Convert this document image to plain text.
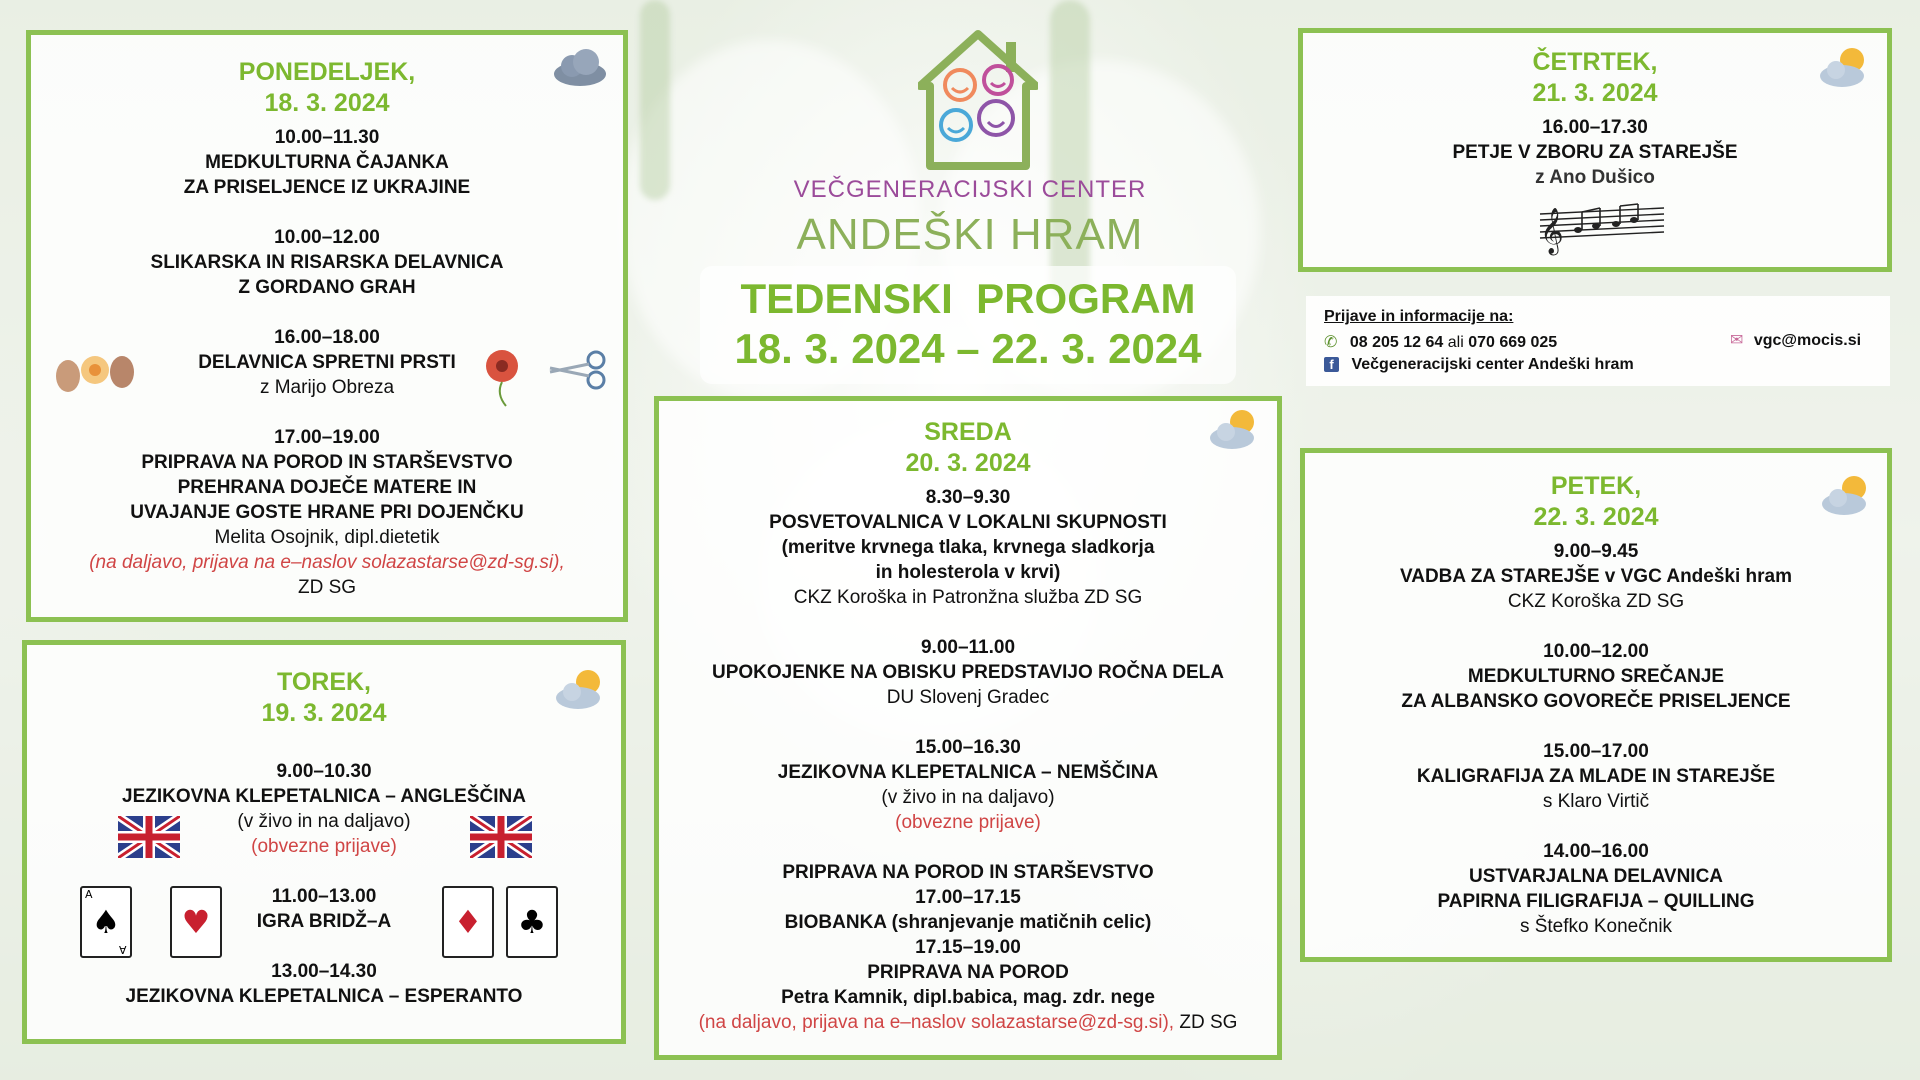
VEČGENERACIJSKI CENTER
ANDEŠKI HRAM
TEDENSKI  PROGRAM
18. 3. 2024 – 22. 3. 2024
Prijave in informacije na:
✆ 08 205 12 64 ali 070 669 025
f Večgeneracijski center Andeški hram
✉ vgc@mocis.si
PONEDELJEK,
18. 3. 2024
10.00–11.30
MEDKULTURNA ČAJANKA
ZA PRISELJENCE IZ UKRAJINE
10.00–12.00
SLIKARSKA IN RISARSKA DELAVNICA
Z GORDANO GRAH
16.00–18.00
DELAVNICA SPRETNI PRSTI
z Marijo Obreza
17.00–19.00
PRIPRAVA NA POROD IN STARŠEVSTVO
PREHRANA DOJEČE MATERE IN
UVAJANJE GOSTE HRANE PRI DOJENČKU
Melita Osojnik, dipl.dietetik
(na daljavo, prijava na e–naslov solazastarse@zd-sg.si),
ZD SG
TOREK,
19. 3. 2024
9.00–10.30
JEZIKOVNA KLEPETALNICA – ANGLEŠČINA
(v živo in na daljavo)
(obvezne prijave)
11.00–13.00
IGRA BRIDŽ–A
13.00–14.30
JEZIKOVNA KLEPETALNICA – ESPERANTO
A
♠
A
♥	♦	♣
SREDA
20. 3. 2024
8.30–9.30
POSVETOVALNICA V LOKALNI SKUPNOSTI
(meritve krvnega tlaka, krvnega sladkorja
in holesterola v krvi)
CKZ Koroška in Patronžna služba ZD SG
9.00–11.00
UPOKOJENKE NA OBISKU PREDSTAVIJO ROČNA DELA
DU Slovenj Gradec
15.00–16.30
JEZIKOVNA KLEPETALNICA – NEMŠČINA
(v živo in na daljavo)
(obvezne prijave)
PRIPRAVA NA POROD IN STARŠEVSTVO
17.00–17.15
BIOBANKA (shranjevanje matičnih celic)
17.15–19.00
PRIPRAVA NA POROD
Petra Kamnik, dipl.babica, mag. zdr. nege
(na daljavo, prijava na e–naslov solazastarse@zd-sg.si), ZD SG
ČETRTEK,
21. 3. 2024
16.00–17.30
PETJE V ZBORU ZA STAREJŠE
z Ano Dušico
𝄞
PETEK,
22. 3. 2024
9.00–9.45
VADBA ZA STAREJŠE v VGC Andeški hram
CKZ Koroška ZD SG
10.00–12.00
MEDKULTURNO SREČANJE
ZA ALBANSKO GOVOREČE PRISELJENCE
15.00–17.00
KALIGRAFIJA ZA MLADE IN STAREJŠE
s Klaro Virtič
14.00–16.00
USTVARJALNA DELAVNICA
PAPIRNA FILIGRAFIJA – QUILLING
s Štefko Konečnik
